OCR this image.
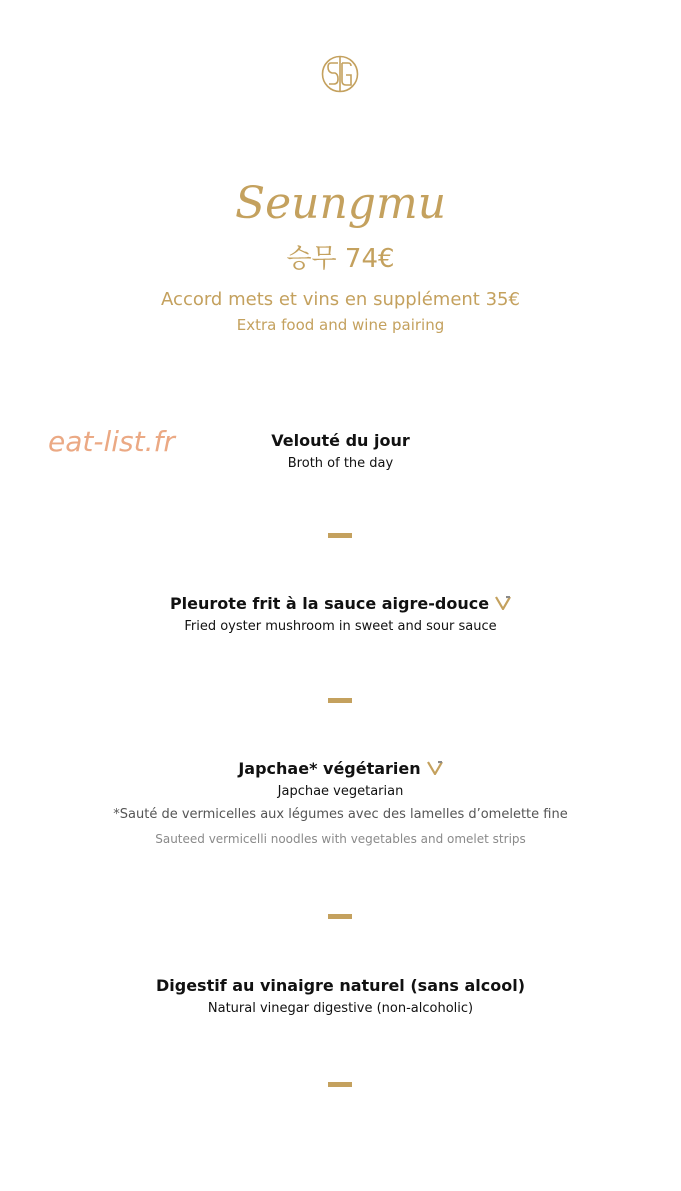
Seungmu
승무 74€
Accord mets et vins en supplément 35€
Extra food and wine pairing
eat-list.fr	Velouté du jour
Broth of the day
Pleurote frit à la sauce aigre-douce
Fried oyster mushroom in sweet and sour sauce
Japchae* végétarien
Japchae vegetarian
*Sauté de vermicelles aux légumes avec des lamelles d’omelette fine
Sauteed vermicelli noodles with vegetables and omelet strips
Digestif au vinaigre naturel (sans alcool)
Natural vinegar digestive (non-alcoholic)
